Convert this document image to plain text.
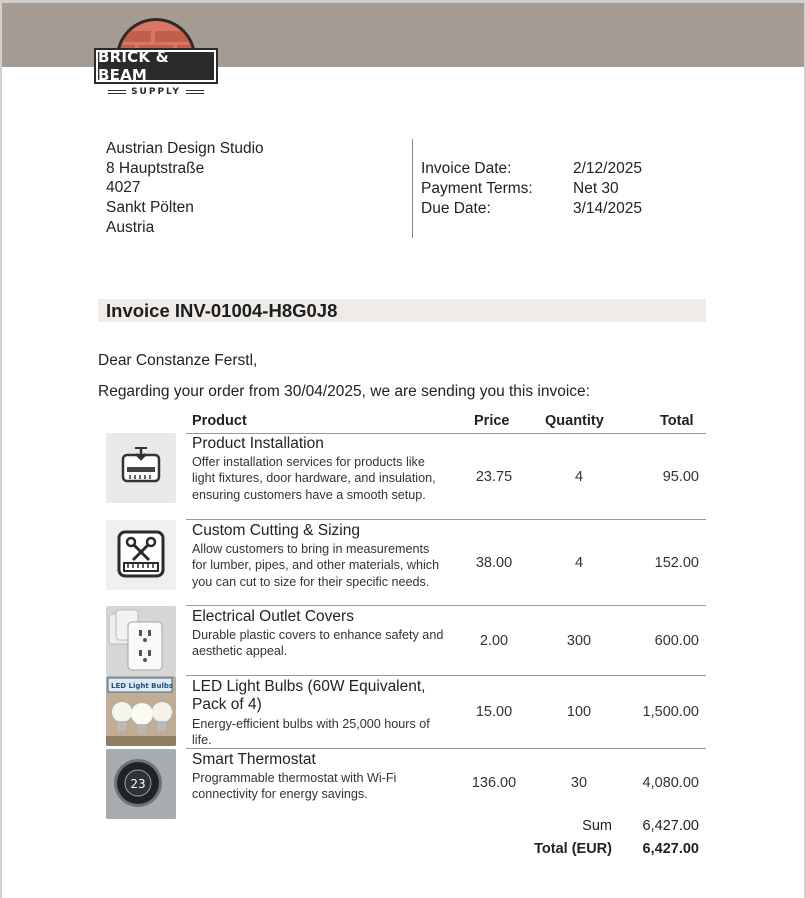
BRICK & BEAM
SUPPLY
Austrian Design Studio
8 Hauptstraße
4027
Sankt Pölten
Austria
Invoice Date:	2/12/2025
Payment Terms:	Net 30
Due Date:	3/14/2025
Invoice INV-01004-H8G0J8
Dear Constanze Ferstl,
Regarding your order from 30/04/2025, we are sending you this invoice:
Product	Price Quantity	Total
Product Installation
Offer installation services for products like light fixtures, door hardware, and insulation, ensuring customers have a smooth setup.
23.75	4	95.00
Custom Cutting & Sizing
Allow customers to bring in measurements for lumber, pipes, and other materials, which you can cut to size for their specific needs.
38.00	4	152.00
Electrical Outlet Covers
Durable plastic covers to enhance safety and aesthetic appeal.
2.00	300	600.00
LED Light Bulbs LED Light Bulbs (60W Equivalent, Pack of 4)
Energy-efficient bulbs with 25,000 hours of life.
15.00	100	1,500.00
23
Smart Thermostat
Programmable thermostat with Wi-Fi connectivity for energy savings.
136.00	30	4,080.00
Sum	6,427.00
Total (EUR)	6,427.00
